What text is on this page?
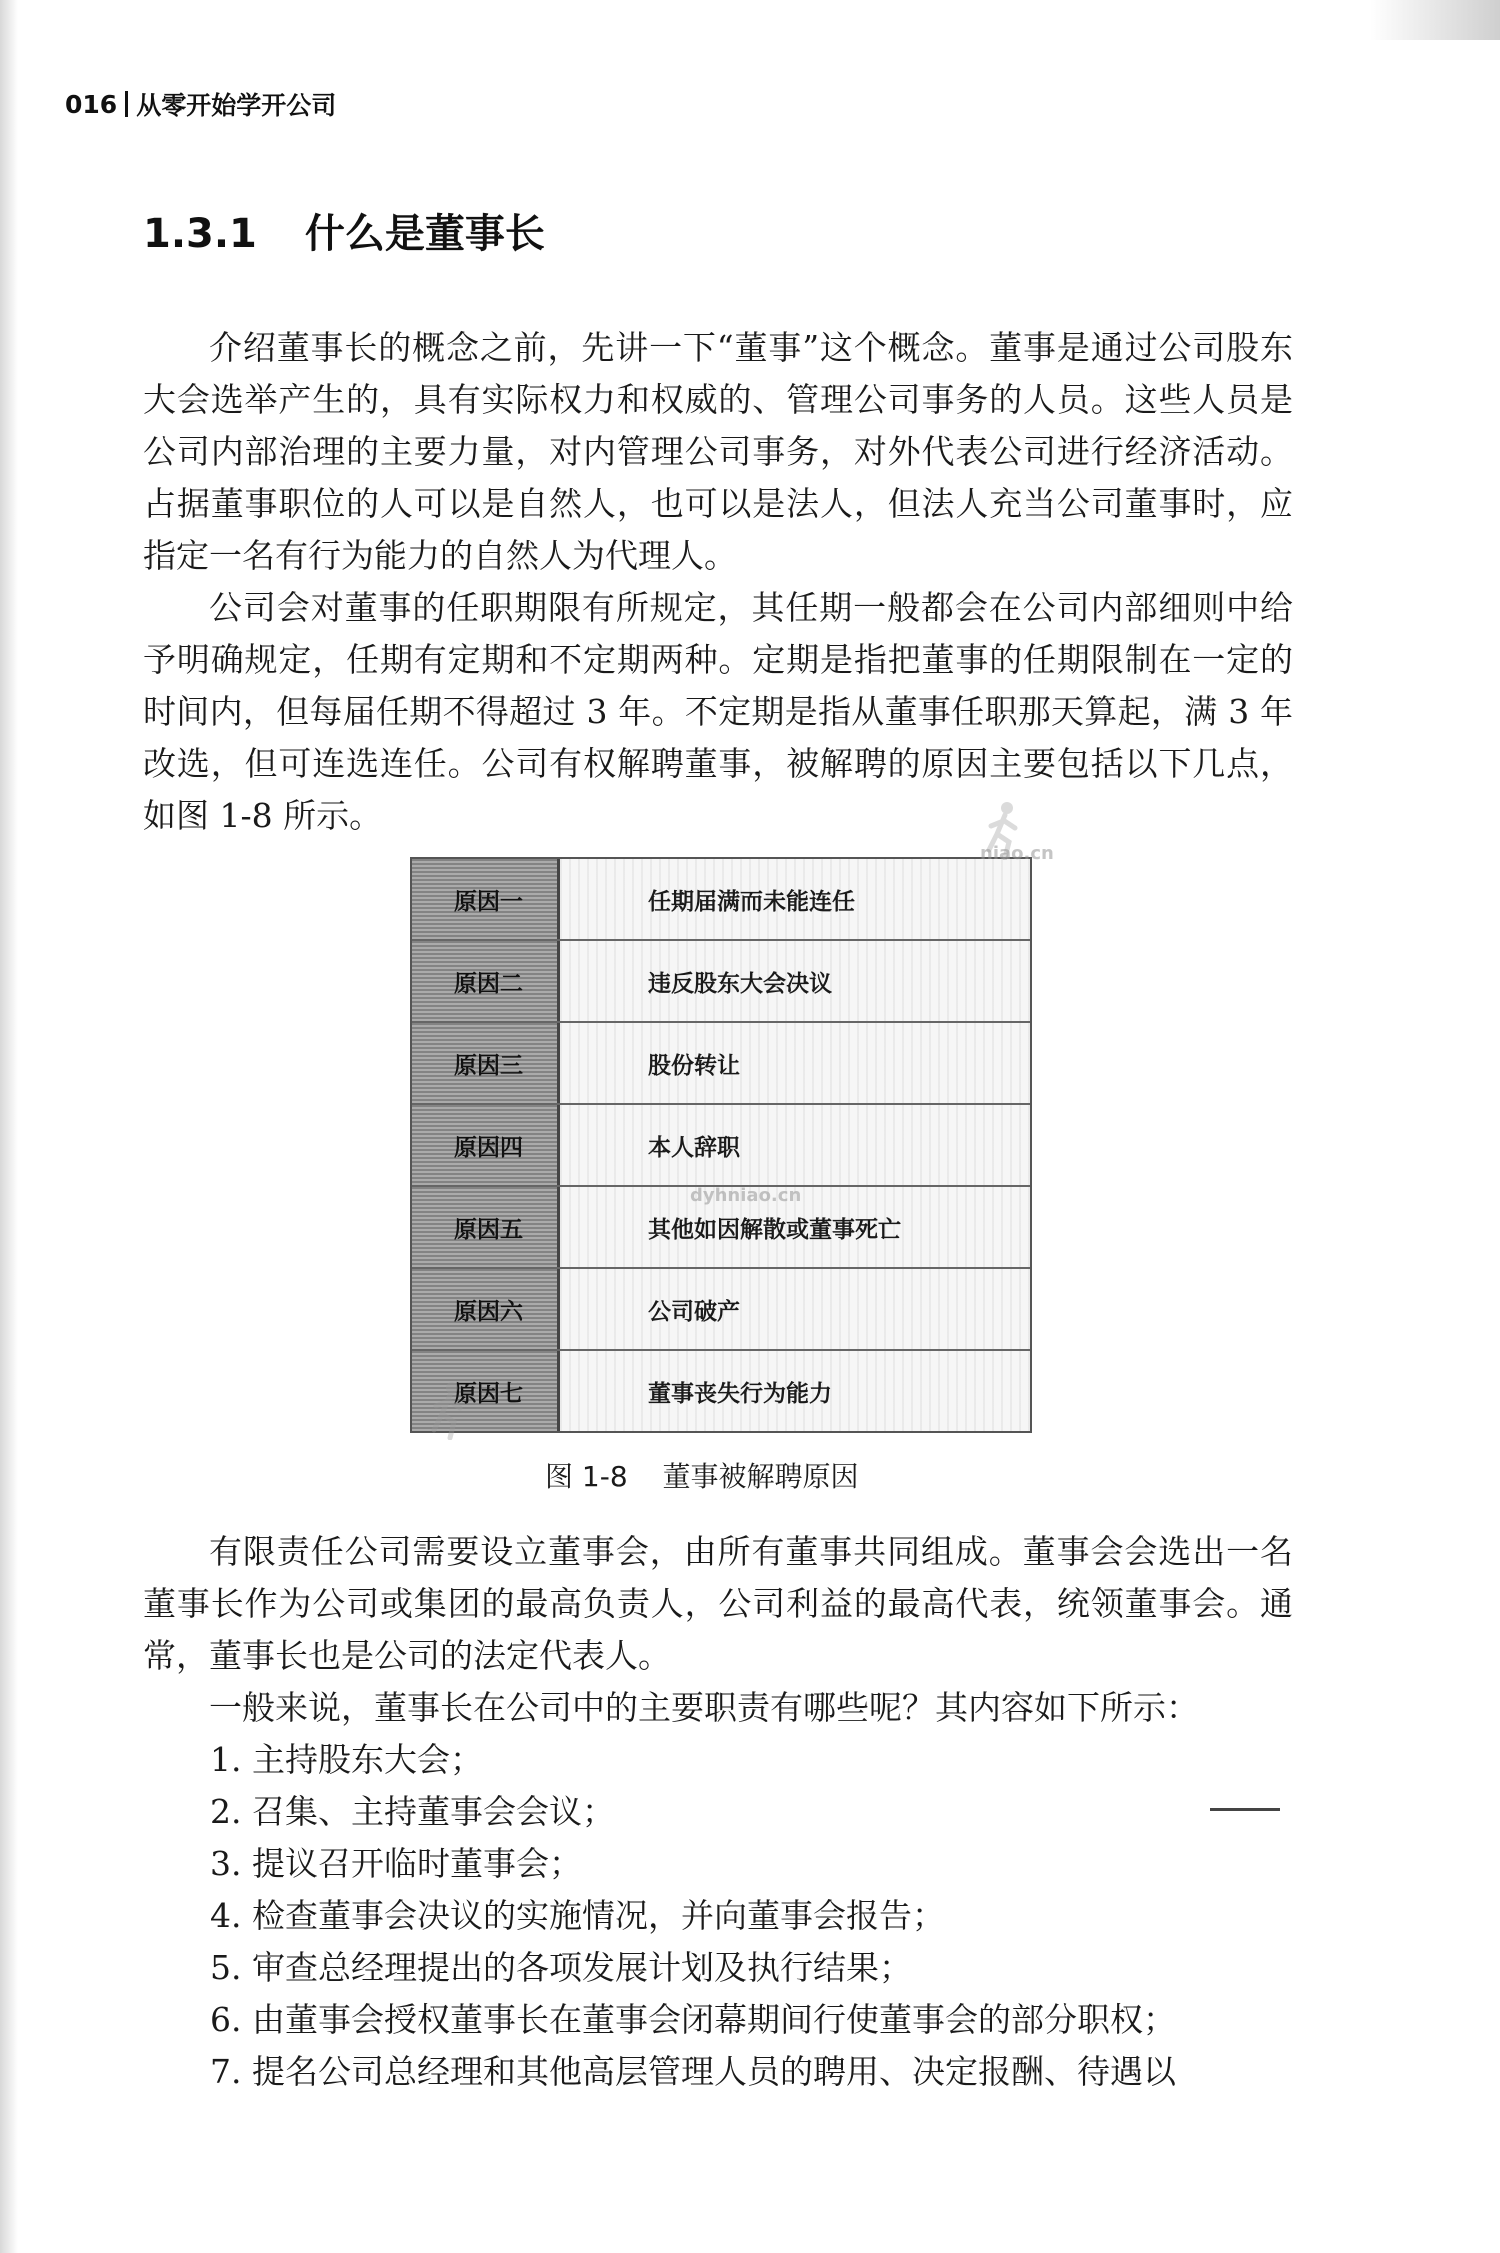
016 从零开始学开公司
1.3.1 什么是董事长

介绍董事长的概念之前，先讲一下“董事”这个概念。董事是通过公司股东大会选举产生的，具有实际权力和权威的、管理公司事务的人员。这些人员是公司内部治理的主要力量，对内管理公司事务，对外代表公司进行经济活动。占据董事职位的人可以是自然人，也可以是法人，但法人充当公司董事时，应指定一名有行为能力的自然人为代理人。

公司会对董事的任职期限有所规定，其任期一般都会在公司内部细则中给予明确规定，任期有定期和不定期两种。定期是指把董事的任期限制在一定的时间内，但每届任期不得超过 3 年。不定期是指从董事任职那天算起，满 3 年改选，但可连选连任。公司有权解聘董事，被解聘的原因主要包括以下几点，如图 1-8 所示。

原因一	任期届满而未能连任
原因二	违反股东大会决议
原因三	股份转让
原因四	本人辞职
原因五	其他如因解散或董事死亡
原因六	公司破产
原因七	董事丧失行为能力
niao.cn
dyhniao.cn
图 1-8 董事被解聘原因

有限责任公司需要设立董事会，由所有董事共同组成。董事会会选出一名董事长作为公司或集团的最高负责人，公司利益的最高代表，统领董事会。通常，董事长也是公司的法定代表人。

一般来说，董事长在公司中的主要职责有哪些呢？其内容如下所示：

1. 主持股东大会；
2. 召集、主持董事会会议；
3. 提议召开临时董事会；
4. 检查董事会决议的实施情况，并向董事会报告；
5. 审查总经理提出的各项发展计划及执行结果；
6. 由董事会授权董事长在董事会闭幕期间行使董事会的部分职权；
7. 提名公司总经理和其他高层管理人员的聘用、决定报酬、待遇以
